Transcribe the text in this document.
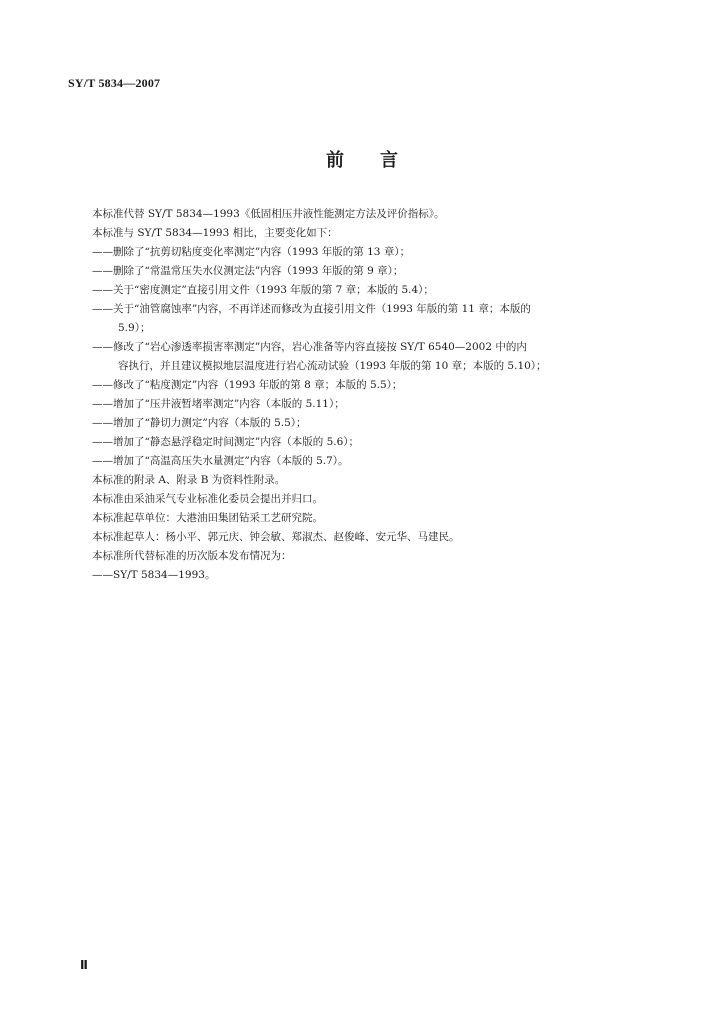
SY/T 5834—2007
前 言
本标准代替 SY/T 5834—1993《低固相压井液性能测定方法及评价指标》。
本标准与 SY/T 5834—1993 相比，主要变化如下：
——删除了“抗剪切粘度变化率测定”内容（1993 年版的第 13 章）；
——删除了“常温常压失水仪测定法”内容（1993 年版的第 9 章）；
——关于“密度测定”直接引用文件（1993 年版的第 7 章；本版的 5.4）；
——关于“油管腐蚀率”内容，不再详述而修改为直接引用文件（1993 年版的第 11 章；本版的
5.9）；
——修改了“岩心渗透率损害率测定”内容，岩心准备等内容直接按 SY/T 6540—2002 中的内
容执行，并且建议模拟地层温度进行岩心流动试验（1993 年版的第 10 章；本版的 5.10）；
——修改了“粘度测定”内容（1993 年版的第 8 章；本版的 5.5）；
——增加了“压井液暂堵率测定”内容（本版的 5.11）；
——增加了“静切力测定”内容（本版的 5.5）；
——增加了“静态悬浮稳定时间测定”内容（本版的 5.6）；
——增加了“高温高压失水量测定”内容（本版的 5.7）。
本标准的附录 A、附录 B 为资料性附录。
本标准由采油采气专业标准化委员会提出并归口。
本标准起草单位：大港油田集团钻采工艺研究院。
本标准起草人：杨小平、郭元庆、钟会敏、郑淑杰、赵俊峰、安元华、马建民。
本标准所代替标准的历次版本发布情况为：
——SY/T 5834—1993。
Ⅱ
